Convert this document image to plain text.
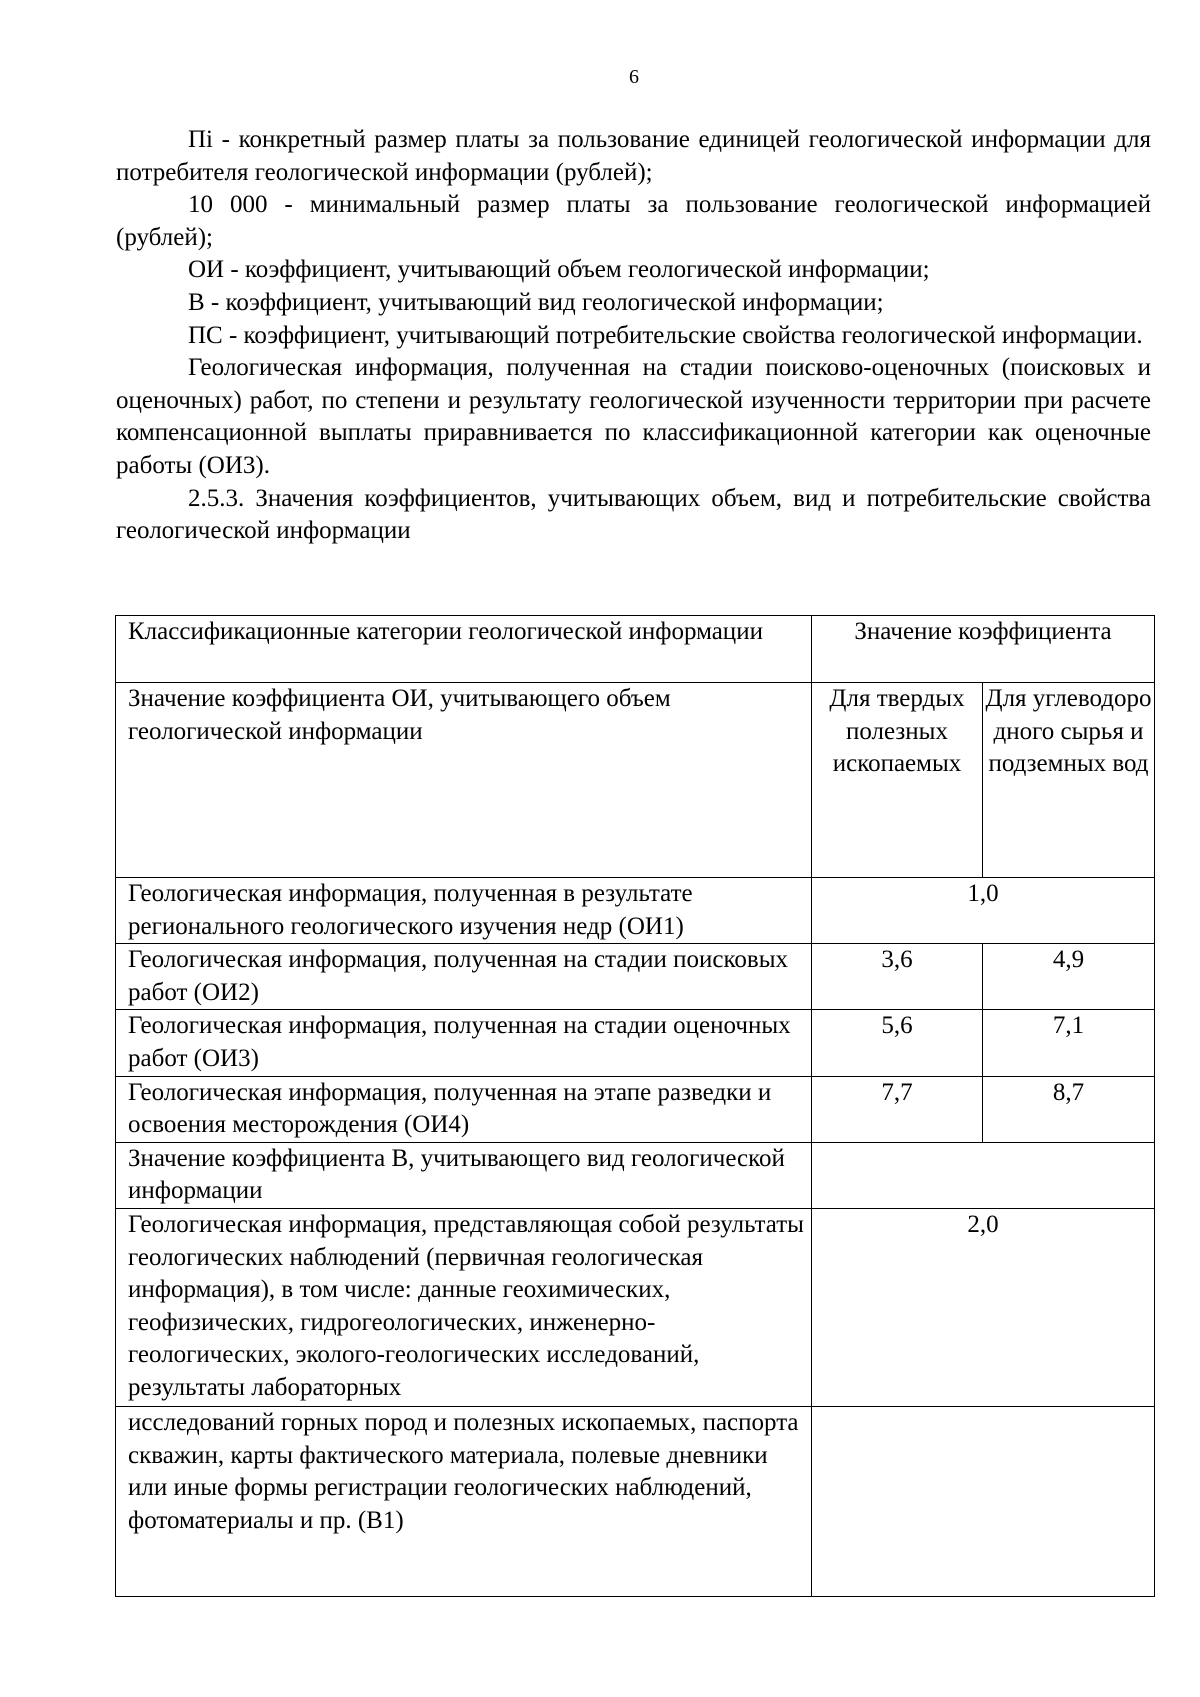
6

Пi - конкретный размер платы за пользование единицей геологической информации для потребителя геологической информации (рублей);

10 000 - минимальный размер платы за пользование геологической информацией (рублей);

ОИ - коэффициент, учитывающий объем геологической информации;

В - коэффициент, учитывающий вид геологической информации;

ПС - коэффициент, учитывающий потребительские свойства геологической информации.

Геологическая информация, полученная на стадии поисково-оценочных (поисковых и оценочных) работ, по степени и результату геологической изученности территории при расчете компенсационной выплаты приравнивается по классификационной категории как оценочные работы (ОИ3).

2.5.3. Значения коэффициентов, учитывающих объем, вид и потребительские свойства геологической информации

Классификационные категории геологической информации	Значение коэффициента	
Значение коэффициента ОИ, учитывающего объем геологической информации	Для твердых полезных ископаемых	Для углеводоро дного сырья и подземных вод
Геологическая информация, полученная в результате регионального геологического изучения недр (ОИ1)	1,0	
Геологическая информация, полученная на стадии поисковых работ (ОИ2)	3,6	4,9
Геологическая информация, полученная на стадии оценочных работ (ОИ3)	5,6	7,1
Геологическая информация, полученная на этапе разведки и освоения месторождения (ОИ4)	7,7	8,7
Значение коэффициента В, учитывающего вид геологической информации		
Геологическая информация, представляющая собой результаты геологических наблюдений (первичная геологическая информация), в том числе: данные геохимических, геофизических, гидрогеологических, инженерно-геологических, эколого-геологических исследований, результаты лабораторных	2,0	
исследований горных пород и полезных ископаемых, паспорта скважин, карты фактического материала, полевые дневники или иные формы регистрации геологических наблюдений, фотоматериалы и пр. (В1)		
